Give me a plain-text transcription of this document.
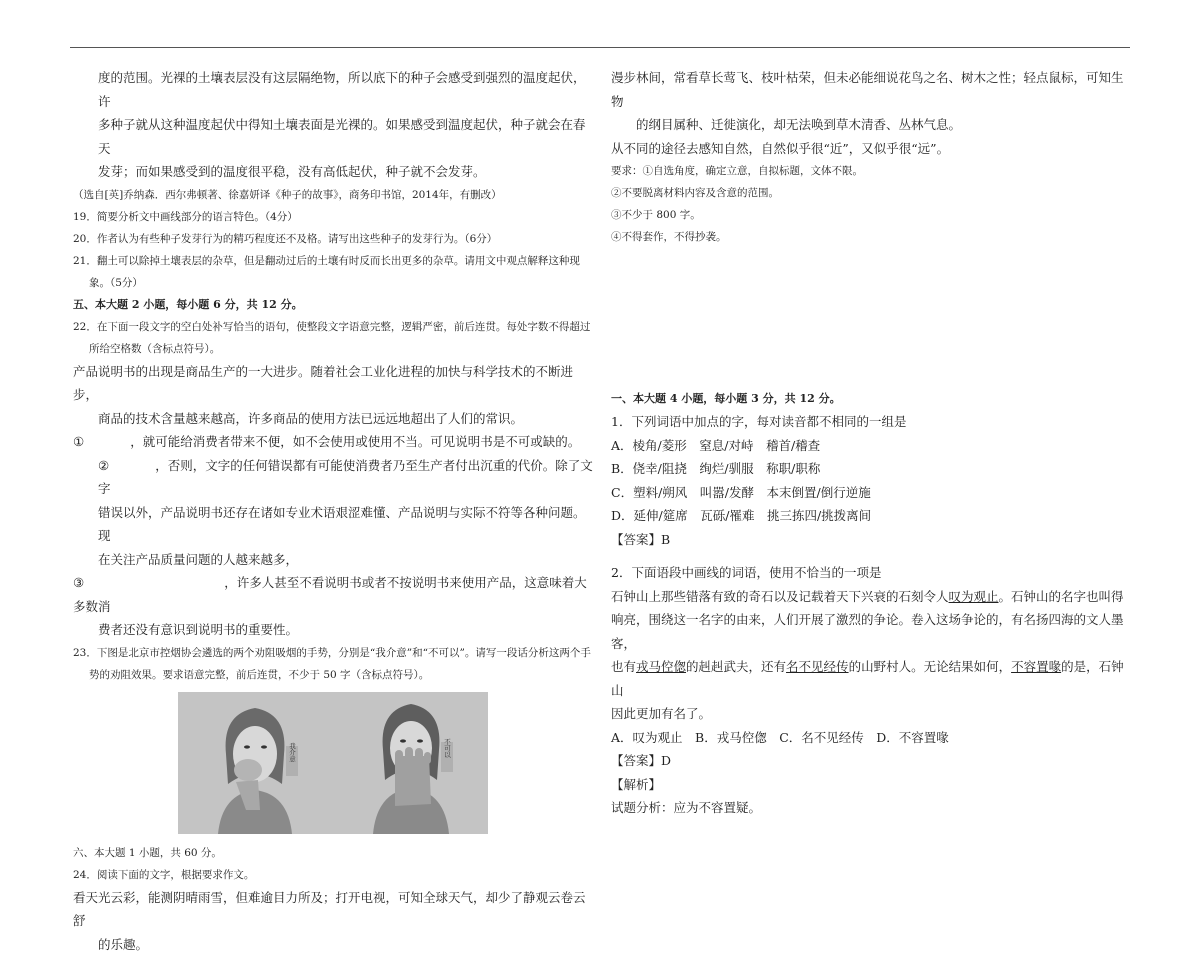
度的范围。光裸的土壤表层没有这层隔绝物，所以底下的种子会感受到强烈的温度起伏，许

多种子就从这种温度起伏中得知土壤表面是光裸的。如果感受到温度起伏，种子就会在春天

发芽；而如果感受到的温度很平稳，没有高低起伏，种子就不会发芽。

（选自[英]乔纳森．西尔弗顿著、徐嘉妍译《种子的故事》，商务印书馆，2014年，有删改）

19．简要分析文中画线部分的语言特色。（4分）

20．作者认为有些种子发芽行为的精巧程度还不及格。请写出这些种子的发芽行为。（6分）

21．翻土可以除掉土壤表层的杂草，但是翻动过后的土壤有时反而长出更多的杂草。请用文中观点解释这种现象。（5分）

五、本大题 2 小题，每小题 6 分，共 12 分。

22．在下面一段文字的空白处补写恰当的语句，使整段文字语意完整，逻辑严密，前后连贯。每处字数不得超过所给空格数（含标点符号）。

产品说明书的出现是商品生产的一大进步。随着社会工业化进程的加快与科学技术的不断进步，

商品的技术含量越来越高，许多商品的使用方法已远远地超出了人们的常识。

①	，就可能给消费者带来不便，如不会使用或使用不当。可见说明书是不可或缺的。

②	，否则，文字的任何错误都有可能使消费者乃至生产者付出沉重的代价。除了文字

错误以外，产品说明书还存在诸如专业术语艰涩难懂、产品说明与实际不符等各种问题。现

在关注产品质量问题的人越来越多，

③	，许多人甚至不看说明书或者不按说明书来使用产品，这意味着大多数消

费者还没有意识到说明书的重要性。

23．下图是北京市控烟协会遴选的两个劝阻吸烟的手势，分别是“我介意”和“不可以”。请写一段话分析这两个手势的劝阻效果。要求语意完整，前后连贯，不少于 50 字（含标点符号）。

我介意	不可以

六、本大题 1 小题，共 60 分。

24．阅读下面的文字，根据要求作文。

看天光云彩，能测阴晴雨雪，但难逾目力所及；打开电视，可知全球天气，却少了静观云卷云舒

的乐趣。

漫步林间，常看草长莺飞、枝叶枯荣，但未必能细说花鸟之名、树木之性；轻点鼠标，可知生物

的纲目属种、迁徙演化，却无法唤到草木清香、丛林气息。

从不同的途径去感知自然，自然似乎很“近”，又似乎很“远”。

要求：①自选角度，确定立意，自拟标题，文体不限。

②不要脱离材料内容及含意的范围。

③不少于 800 字。

④不得套作，不得抄袭。

一、本大题 4 小题，每小题 3 分，共 12 分。

1．下列词语中加点的字，每对读音都不相同的一组是

A．棱角/菱形　窒息/对峙　稽首/稽查

B．侥幸/阻挠　绚烂/驯服　称职/职称

C．塑料/朔风　叫嚣/发酵　本末倒置/倒行逆施

D．延伸/筵席　瓦砾/罹难　挑三拣四/挑拨离间

【答案】B

2．下面语段中画线的词语，使用不恰当的一项是

石钟山上那些错落有致的奇石以及记载着天下兴衰的石刻令人叹为观止。石钟山的名字也叫得

响亮，围绕这一名字的由来，人们开展了激烈的争论。卷入这场争论的，有名扬四海的文人墨客，

也有戎马倥偬的赳赳武夫，还有名不见经传的山野村人。无论结果如何，不容置喙的是，石钟山

因此更加有名了。

A．叹为观止　B．戎马倥偬　C．名不见经传　D．不容置喙

【答案】D

【解析】

试题分析：应为不容置疑。
